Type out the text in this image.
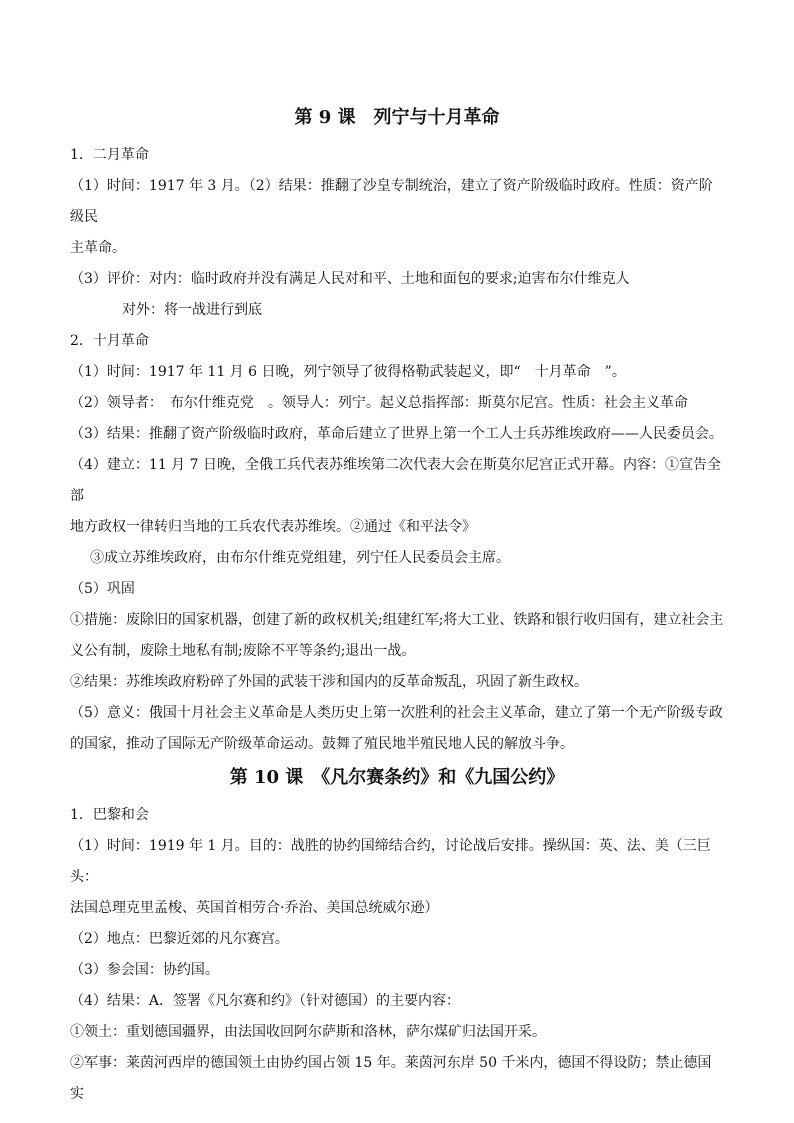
第 9 课　列宁与十月革命

1．二月革命

（1）时间：1917 年 3 月。（2）结果：推翻了沙皇专制统治，建立了资产阶级临时政府。性质：资产阶级民

主革命。

（3）评价：对内：临时政府并没有满足人民对和平、土地和面包的要求;迫害布尔什维克人

对外：将一战进行到底

2．十月革命

（1）时间：1917 年 11 月 6 日晚，列宁领导了彼得格勒武装起义，即“　十月革命　”。

（2）领导者：　布尔什维克党　。领导人：列宁。起义总指挥部：斯莫尔尼宫。性质：社会主义革命

（3）结果：推翻了资产阶级临时政府，革命后建立了世界上第一个工人士兵苏维埃政府——人民委员会。

（4）建立：11 月 7 日晚，全俄工兵代表苏维埃第二次代表大会在斯莫尔尼宫正式开幕。内容：①宣告全部

地方政权一律转归当地的工兵农代表苏维埃。②通过《和平法令》

③成立苏维埃政府，由布尔什维克党组建，列宁任人民委员会主席。

（5）巩固

①措施：废除旧的国家机器，创建了新的政权机关;组建红军;将大工业、铁路和银行收归国有，建立社会主

义公有制，废除土地私有制;废除不平等条约;退出一战。

②结果：苏维埃政府粉碎了外国的武装干涉和国内的反革命叛乱，巩固了新生政权。

（5）意义：俄国十月社会主义革命是人类历史上第一次胜利的社会主义革命，建立了第一个无产阶级专政

的国家，推动了国际无产阶级革命运动。鼓舞了殖民地半殖民地人民的解放斗争。

第 10 课　《凡尔赛条约》和《九国公约》

1．巴黎和会

（1）时间：1919 年 1 月。目的：战胜的协约国缔结合约，讨论战后安排。操纵国：英、法、美（三巨头：

法国总理克里孟梭、英国首相劳合·乔治、美国总统威尔逊）

（2）地点：巴黎近郊的凡尔赛宫。

（3）参会国：协约国。

（4）结果：A．签署《凡尔赛和约》（针对德国）的主要内容：

①领土：重划德国疆界，由法国收回阿尔萨斯和洛林，萨尔煤矿归法国开采。

②军事：莱茵河西岸的德国领土由协约国占领 15 年。莱茵河东岸 50 千米内，德国不得设防；禁止德国实
